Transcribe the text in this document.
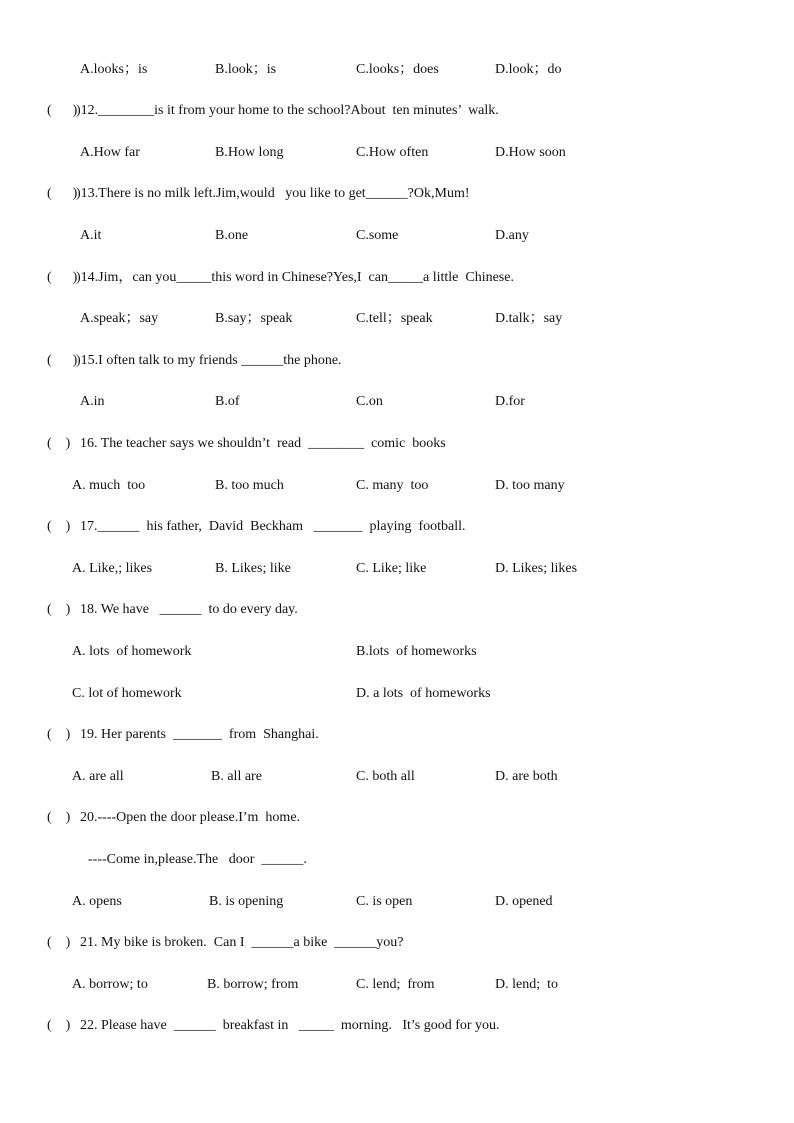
A.looks；is

	B.look；is

	C.looks；does

	D.look；do

(      )

)12.________is it from your home to the school?About  ten minutes’  walk.

A.How far

	B.How long

	C.How often

	D.How soon

(      )

)13.There is no milk left.Jim,would   you like to get______?Ok,Mum!

A.it

	B.one

	C.some

	D.any

(      )

)14.Jim，can you_____this word in Chinese?Yes,I  can_____a little  Chinese.

A.speak；say

	B.say；speak

	C.tell；speak

	D.talk；say

(      )

)15.I often talk to my friends ______the phone.

A.in

	B.of

	C.on

	D.for

(    )

16. The teacher says we shouldn’t  read  ________  comic  books

A. much  too

	B. too much

	C. many  too

	D. too many

(    )

17.______  his father,  David  Beckham   _______  playing  football.

A. Like,; likes

	B. Likes; like

	C. Like; like

	D. Likes; likes

(    )

18. We have   ______  to do every day.

A. lots  of homework

	B.lots  of homeworks

C. lot of homework

	D. a lots  of homeworks

(    )

19. Her parents  _______  from  Shanghai.

A. are all

	B. all are

	C. both all

	D. are both

(    )

20.----Open the door please.I’m  home.

----Come in,please.The   door  ______.

A. opens

	B. is opening

	C. is open

	D. opened

(    )

21. My bike is broken.  Can I  ______a bike  ______you?

A. borrow; to

	B. borrow; from

	C. lend;  from

	D. lend;  to

(    )

22. Please have  ______  breakfast in   _____  morning.   It’s good for you.
